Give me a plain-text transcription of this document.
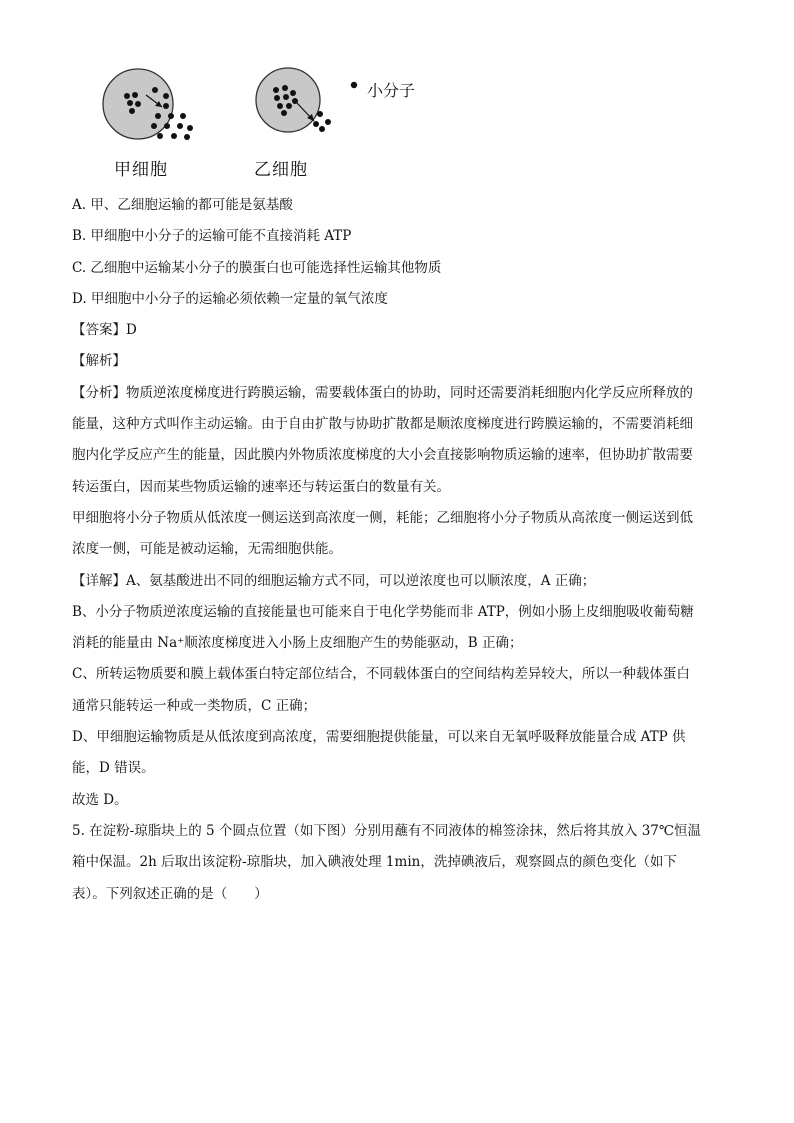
小分子
甲细胞	乙细胞
A. 甲、乙细胞运输的都可能是氨基酸
B. 甲细胞中小分子的运输可能不直接消耗 ATP
C. 乙细胞中运输某小分子的膜蛋白也可能选择性运输其他物质
D. 甲细胞中小分子的运输必须依赖一定量的氧气浓度
【答案】D
【解析】
【分析】物质逆浓度梯度进行跨膜运输，需要载体蛋白的协助，同时还需要消耗细胞内化学反应所释放的
能量，这种方式叫作主动运输。由于自由扩散与协助扩散都是顺浓度梯度进行跨膜运输的，不需要消耗细
胞内化学反应产生的能量，因此膜内外物质浓度梯度的大小会直接影响物质运输的速率，但协助扩散需要
转运蛋白，因而某些物质运输的速率还与转运蛋白的数量有关。
甲细胞将小分子物质从低浓度一侧运送到高浓度一侧，耗能；乙细胞将小分子物质从高浓度一侧运送到低
浓度一侧，可能是被动运输，无需细胞供能。
【详解】A、氨基酸进出不同的细胞运输方式不同，可以逆浓度也可以顺浓度，A 正确；
B、小分子物质逆浓度运输的直接能量也可能来自于电化学势能而非 ATP，例如小肠上皮细胞吸收葡萄糖
消耗的能量由 Na⁺顺浓度梯度进入小肠上皮细胞产生的势能驱动，B 正确；
C、所转运物质要和膜上载体蛋白特定部位结合，不同载体蛋白的空间结构差异较大，所以一种载体蛋白
通常只能转运一种或一类物质，C 正确；
D、甲细胞运输物质是从低浓度到高浓度，需要细胞提供能量，可以来自无氧呼吸释放能量合成 ATP 供
能，D 错误。
故选 D。
5. 在淀粉-琼脂块上的 5 个圆点位置（如下图）分别用蘸有不同液体的棉签涂抹，然后将其放入 37℃恒温
箱中保温。2h 后取出该淀粉-琼脂块，加入碘液处理 1min，洗掉碘液后，观察圆点的颜色变化（如下
表）。下列叙述正确的是（　　）
